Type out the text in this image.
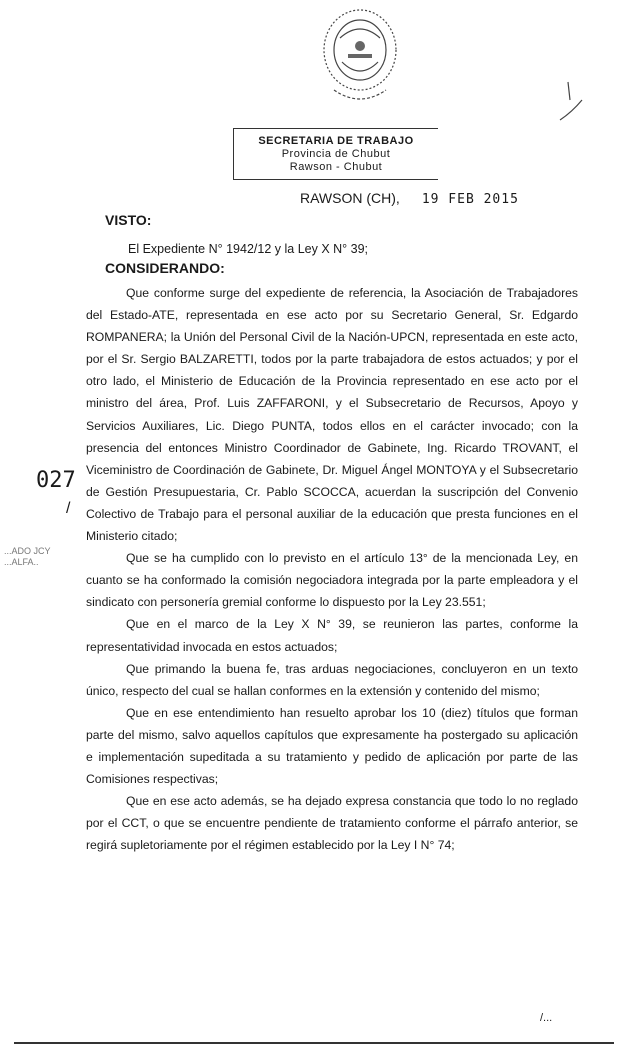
SECRETARIA DE TRABAJO
Provincia de Chubut
Rawson - Chubut
RAWSON (CH), 19 FEB 2015
VISTO:
El Expediente N° 1942/12 y la Ley X N° 39;
CONSIDERANDO:

Que conforme surge del expediente de referencia, la Asociación de Trabajadores del Estado-ATE, representada en ese acto por su Secretario General, Sr. Edgardo ROMPANERA; la Unión del Personal Civil de la Nación-UPCN, representada en este acto, por el Sr. Sergio BALZARETTI, todos por la parte trabajadora de estos actuados; y por el otro lado, el Ministerio de Educación de la Provincia representado en ese acto por el ministro del área, Prof. Luis ZAFFARONI, y el Subsecretario de Recursos, Apoyo y Servicios Auxiliares, Lic. Diego PUNTA, todos ellos en el carácter invocado; con la presencia del entonces Ministro Coordinador de Gabinete, Ing. Ricardo TROVANT, el Viceministro de Coordinación de Gabinete, Dr. Miguel Ángel MONTOYA y el Subsecretario de Gestión Presupuestaria, Cr. Pablo SCOCCA, acuerdan la suscripción del Convenio Colectivo de Trabajo para el personal auxiliar de la educación que presta funciones en el Ministerio citado;

Que se ha cumplido con lo previsto en el artículo 13° de la mencionada Ley, en cuanto se ha conformado la comisión negociadora integrada por la parte empleadora y el sindicato con personería gremial conforme lo dispuesto por la Ley 23.551;

Que en el marco de la Ley X N° 39, se reunieron las partes, conforme la representatividad invocada en estos actuados;

Que primando la buena fe, tras arduas negociaciones, concluyeron en un texto único, respecto del cual se hallan conformes en la extensión y contenido del mismo;

Que en ese entendimiento han resuelto aprobar los 10 (diez) títulos que forman parte del mismo, salvo aquellos capítulos que expresamente ha postergado su aplicación e implementación supeditada a su tratamiento y pedido de aplicación por parte de las Comisiones respectivas;

Que en ese acto además, se ha dejado expresa constancia que todo lo no reglado por el CCT, o que se encuentre pendiente de tratamiento conforme el párrafo anterior, se regirá supletoriamente por el régimen establecido por la Ley I N° 74;

027
/
...ADO JCY
...ALFA..
/...
